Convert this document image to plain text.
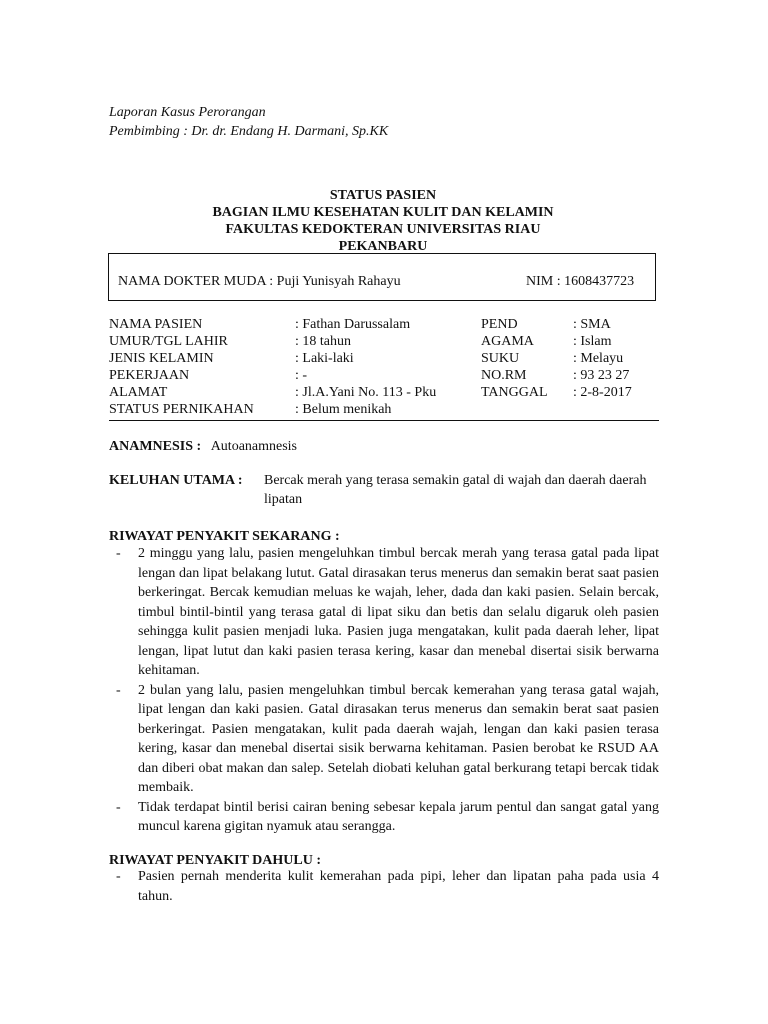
Laporan Kasus Perorangan
Pembimbing : Dr. dr. Endang H. Darmani, Sp.KK
STATUS PASIEN
BAGIAN ILMU KESEHATAN KULIT DAN KELAMIN
FAKULTAS KEDOKTERAN UNIVERSITAS RIAU
PEKANBARU
NAMA DOKTER MUDA : Puji Yunisyah Rahayu	NIM : 1608437723
NAMA PASIEN	: Fathan Darussalam	PEND	: SMA
UMUR/TGL LAHIR	: 18 tahun	AGAMA	: Islam
JENIS KELAMIN	: Laki-laki	SUKU	: Melayu
PEKERJAAN	: -	NO.RM	: 93 23 27
ALAMAT	: Jl.A.Yani No. 113 - Pku	TANGGAL : 2-8-2017
STATUS PERNIKAHAN	: Belum menikah
ANAMNESIS : Autoanamnesis
KELUHAN UTAMA : Bercak merah yang terasa semakin gatal di wajah dan daerah daerah lipatan
RIWAYAT PENYAKIT SEKARANG :
- 2 minggu yang lalu, pasien mengeluhkan timbul bercak merah yang terasa gatal pada lipat lengan dan lipat belakang lutut. Gatal dirasakan terus menerus dan semakin berat saat pasien berkeringat. Bercak kemudian meluas ke wajah, leher, dada dan kaki pasien. Selain bercak, timbul bintil-bintil yang terasa gatal di lipat siku dan betis dan selalu digaruk oleh pasien sehingga kulit pasien menjadi luka. Pasien juga mengatakan, kulit pada daerah leher, lipat lengan, lipat lutut dan kaki pasien terasa kering, kasar dan menebal disertai sisik berwarna kehitaman.
- 2 bulan yang lalu, pasien mengeluhkan timbul bercak kemerahan yang terasa gatal wajah, lipat lengan dan kaki pasien. Gatal dirasakan terus menerus dan semakin berat saat pasien berkeringat. Pasien mengatakan, kulit pada daerah wajah, lengan dan kaki pasien terasa kering, kasar dan menebal disertai sisik berwarna kehitaman. Pasien berobat ke RSUD AA dan diberi obat makan dan salep. Setelah diobati keluhan gatal berkurang tetapi bercak tidak membaik.
- Tidak terdapat bintil berisi cairan bening sebesar kepala jarum pentul dan sangat gatal yang muncul karena gigitan nyamuk atau serangga.
RIWAYAT PENYAKIT DAHULU :
- Pasien pernah menderita kulit kemerahan pada pipi, leher dan lipatan paha pada usia 4 tahun.
